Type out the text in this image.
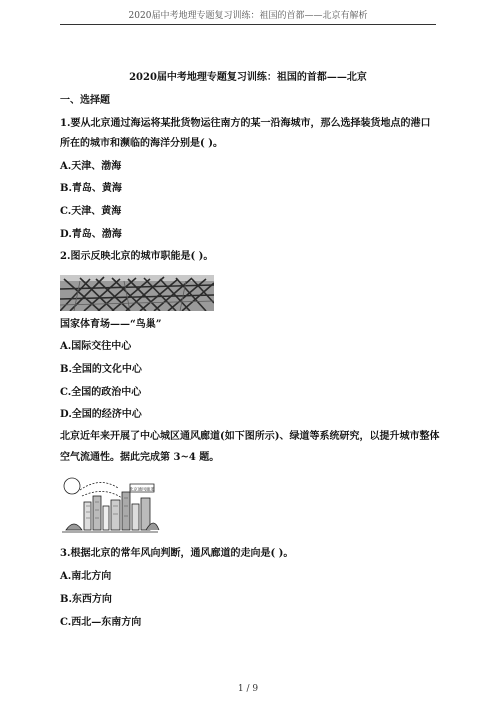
2020届中考地理专题复习训练：祖国的首都——北京有解析
2020届中考地理专题复习训练：祖国的首都——北京
一、选择题
1.要从北京通过海运将某批货物运往南方的某一沿海城市，那么选择装货地点的港口
所在的城市和濒临的海洋分别是( )。
A.天津、渤海
B.青岛、黄海
C.天津、黄海
D.青岛、渤海
2.图示反映北京的城市职能是( )。
国家体育场——“鸟巢”
A.国际交往中心
B.全国的文化中心
C.全国的政治中心
D.全国的经济中心
北京近年来开展了中心城区通风廊道(如下图所示)、绿道等系统研究，以提升城市整体
空气流通性。据此完成第 3~4 题。
北京通风廊道
3.根据北京的常年风向判断，通风廊道的走向是( )。
A.南北方向
B.东西方向
C.西北—东南方向
1 / 9
